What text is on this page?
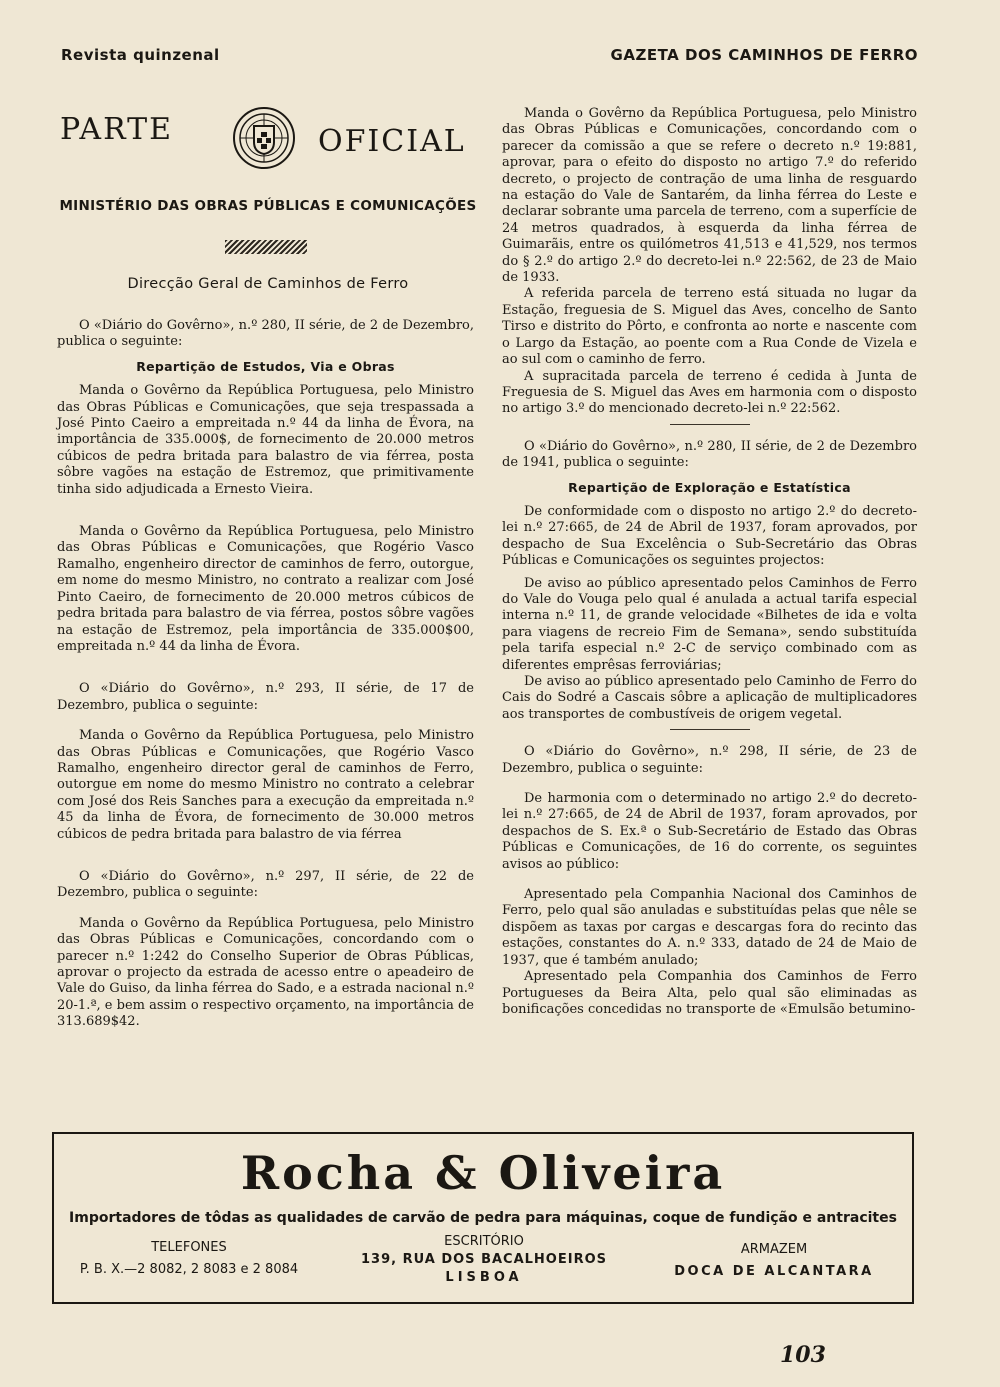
Revista quinzenal	GAZETA DOS CAMINHOS DE FERRO
PARTE	OFICIAL
MINISTÉRIO DAS OBRAS PÚBLICAS E COMUNICAÇÕES
Direcção Geral de Caminhos de Ferro

O «Diário do Govêrno», n.º 280, II série, de 2 de Dezembro, publica o seguinte:

Repartição de Estudos, Via e Obras

Manda o Govêrno da República Portuguesa, pelo Ministro das Obras Públicas e Comunicações, que seja trespassada a José Pinto Caeiro a empreitada n.º 44 da linha de Évora, na importância de 335.000$, de fornecimento de 20.000 metros cúbicos de pedra britada para balastro de via férrea, posta sôbre vagões na estação de Estremoz, que primitivamente tinha sido adjudicada a Ernesto Vieira.

Manda o Govêrno da República Portuguesa, pelo Ministro das Obras Públicas e Comunicações, que Rogério Vasco Ramalho, engenheiro director de caminhos de ferro, outorgue, em nome do mesmo Ministro, no contrato a realizar com José Pinto Caeiro, de fornecimento de 20.000 metros cúbicos de pedra britada para balastro de via férrea, postos sôbre vagões na estação de Estremoz, pela importância de 335.000$00, empreitada n.º 44 da linha de Évora.

O «Diário do Govêrno», n.º 293, II série, de 17 de Dezembro, publica o seguinte:

Manda o Govêrno da República Portuguesa, pelo Ministro das Obras Públicas e Comunicações, que Rogério Vasco Ramalho, engenheiro director geral de caminhos de Ferro, outorgue em nome do mesmo Ministro no contrato a celebrar com José dos Reis Sanches para a execução da empreitada n.º 45 da linha de Évora, de fornecimento de 30.000 metros cúbicos de pedra britada para balastro de via férrea

O «Diário do Govêrno», n.º 297, II série, de 22 de Dezembro, publica o seguinte:

Manda o Govêrno da República Portuguesa, pelo Ministro das Obras Públicas e Comunicações, concordando com o parecer n.º 1:242 do Conselho Superior de Obras Públicas, aprovar o projecto da estrada de acesso entre o apeadeiro de Vale do Guiso, da linha férrea do Sado, e a estrada nacional n.º 20-1.ª, e bem assim o respectivo orçamento, na importância de 313.689$42.

Manda o Govêrno da República Portuguesa, pelo Ministro das Obras Públicas e Comunicações, concordando com o parecer da comissão a que se refere o decreto n.º 19:881, aprovar, para o efeito do disposto no artigo 7.º do referido decreto, o projecto de contração de uma linha de resguardo na estação do Vale de Santarém, da linha férrea do Leste e declarar sobrante uma parcela de terreno, com a superfície de 24 metros quadrados, à esquerda da linha férrea de Guimarãis, entre os quilómetros 41,513 e 41,529, nos termos do § 2.º do artigo 2.º do decreto-lei n.º 22:562, de 23 de Maio de 1933.

A referida parcela de terreno está situada no lugar da Estação, freguesia de S. Miguel das Aves, concelho de Santo Tirso e distrito do Pôrto, e confronta ao norte e nascente com o Largo da Estação, ao poente com a Rua Conde de Vizela e ao sul com o caminho de ferro.

A supracitada parcela de terreno é cedida à Junta de Freguesia de S. Miguel das Aves em harmonia com o disposto no artigo 3.º do mencionado decreto-lei n.º 22:562.

O «Diário do Govêrno», n.º 280, II série, de 2 de Dezembro de 1941, publica o seguinte:

Repartição de Exploração e Estatística

De conformidade com o disposto no artigo 2.º do decreto-lei n.º 27:665, de 24 de Abril de 1937, foram aprovados, por despacho de Sua Excelência o Sub-Secretário das Obras Públicas e Comunicações os seguintes projectos:

De aviso ao público apresentado pelos Caminhos de Ferro do Vale do Vouga pelo qual é anulada a actual tarifa especial interna n.º 11, de grande velocidade «Bilhetes de ida e volta para viagens de recreio Fim de Semana», sendo substituída pela tarifa especial n.º 2-C de serviço combinado com as diferentes emprêsas ferroviárias;

De aviso ao público apresentado pelo Caminho de Ferro do Cais do Sodré a Cascais sôbre a aplicação de multiplicadores aos transportes de combustíveis de origem vegetal.

O «Diário do Govêrno», n.º 298, II série, de 23 de Dezembro, publica o seguinte:

De harmonia com o determinado no artigo 2.º do decreto-lei n.º 27:665, de 24 de Abril de 1937, foram aprovados, por despachos de S. Ex.ª o Sub-Secretário de Estado das Obras Públicas e Comunicações, de 16 do corrente, os seguintes avisos ao público:

Apresentado pela Companhia Nacional dos Caminhos de Ferro, pelo qual são anuladas e substituídas pelas que nêle se dispõem as taxas por cargas e descargas fora do recinto das estações, constantes do A. n.º 333, datado de 24 de Maio de 1937, que é também anulado;

Apresentado pela Companhia dos Caminhos de Ferro Portugueses da Beira Alta, pelo qual são eliminadas as bonificações concedidas no transporte de «Emulsão betumino-

Rocha & Oliveira
Importadores de tôdas as qualidades de carvão de pedra para máquinas, coque de fundição e antracites
TELEFONES
P. B. X.—2 8082, 2 8083 e 2 8084
ESCRITÓRIO
139, RUA DOS BACALHOEIROS
LISBOA
ARMAZEM
DOCA DE ALCANTARA
103
